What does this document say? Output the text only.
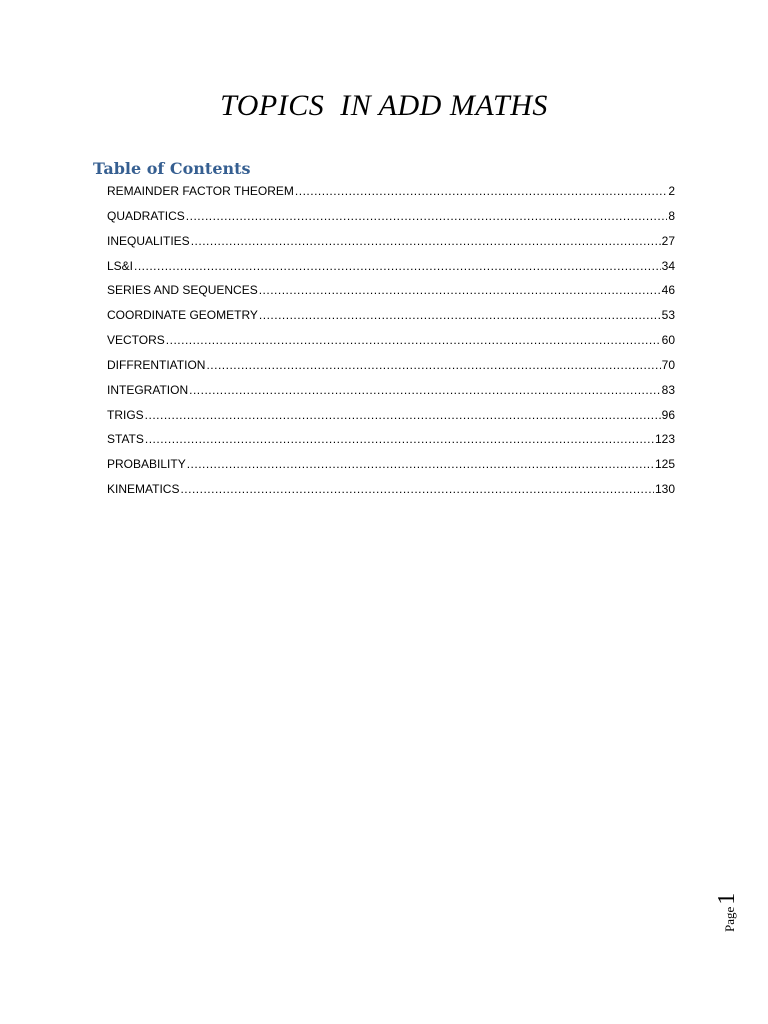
TOPICS  IN ADD MATHS
Table of Contents
REMAINDER FACTOR THEOREM .....	2
QUADRATICS .....	8
INEQUALITIES .....	27
LS&I .....	34
SERIES AND SEQUENCES .....	46
COORDINATE GEOMETRY .....	53
VECTORS .....	60
DIFFRENTIATION .....	70
INTEGRATION .....	83
TRIGS .....	96
STATS .....	123
PROBABILITY .....	125
KINEMATICS .....	130
Page
1
